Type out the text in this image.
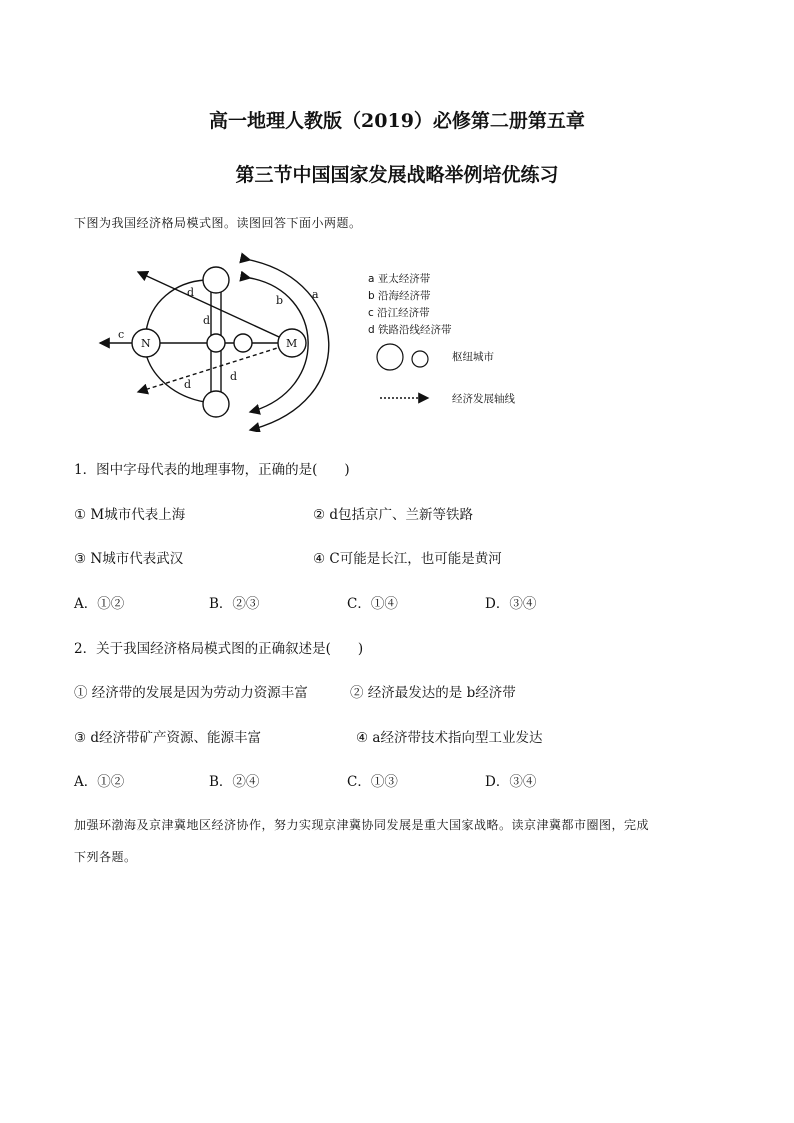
高一地理人教版（2019）必修第二册第五章
第三节中国国家发展战略举例培优练习
下图为我国经济格局模式图。读图回答下面小两题。
N	M
a
b
c
d
d
d
d
a 亚太经济带
b 沿海经济带
c 沿江经济带
d 铁路沿线经济带
枢纽城市
经济发展轴线
1．图中字母代表的地理事物，正确的是(　　)
① M城市代表上海	② d包括京广、兰新等铁路
③ N城市代表武汉	④ C可能是长江，也可能是黄河
A．①②	B．②③	C．①④	D．③④
2．关于我国经济格局模式图的正确叙述是(　　)
① 经济带的发展是因为劳动力资源丰富	② 经济最发达的是 b经济带
③ d经济带矿产资源、能源丰富	④ a经济带技术指向型工业发达
A．①②	B．②④	C．①③	D．③④
加强环渤海及京津冀地区经济协作，努力实现京津冀协同发展是重大国家战略。读京津冀都市圈图，完成
下列各题。
